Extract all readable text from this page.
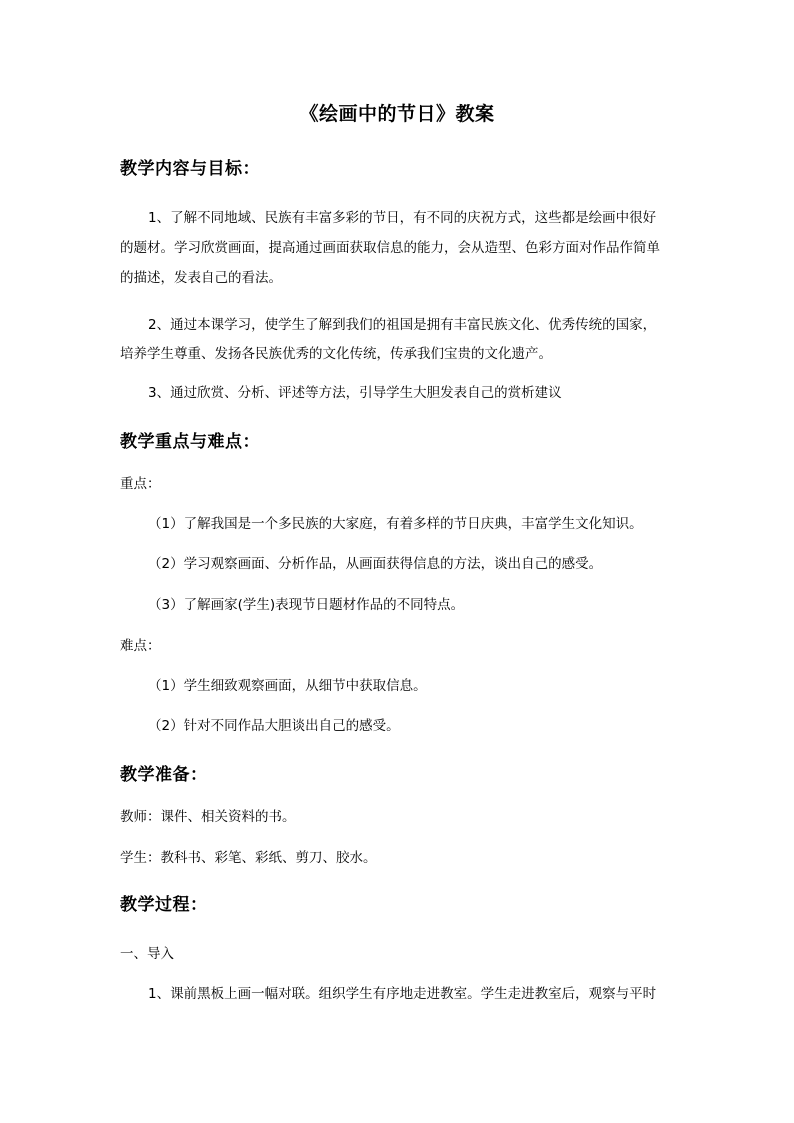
《绘画中的节日》教案
教学内容与目标：

1、了解不同地域、民族有丰富多彩的节日，有不同的庆祝方式，这些都是绘画中很好

的题材。学习欣赏画面，提高通过画面获取信息的能力，会从造型、色彩方面对作品作简单

的描述，发表自己的看法。

2、通过本课学习，使学生了解到我们的祖国是拥有丰富民族文化、优秀传统的国家，

培养学生尊重、发扬各民族优秀的文化传统，传承我们宝贵的文化遗产。

3、通过欣赏、分析、评述等方法，引导学生大胆发表自己的赏析建议

教学重点与难点：

重点：

（1）了解我国是一个多民族的大家庭，有着多样的节日庆典，丰富学生文化知识。

（2）学习观察画面、分析作品，从画面获得信息的方法，谈出自己的感受。

（3）了解画家(学生)表现节日题材作品的不同特点。

难点：

（1）学生细致观察画面，从细节中获取信息。

（2）针对不同作品大胆谈出自己的感受。

教学准备：

教师：课件、相关资料的书。

学生：教科书、彩笔、彩纸、剪刀、胶水。

教学过程：

一、导入

1、课前黑板上画一幅对联。组织学生有序地走进教室。学生走进教室后，观察与平时
